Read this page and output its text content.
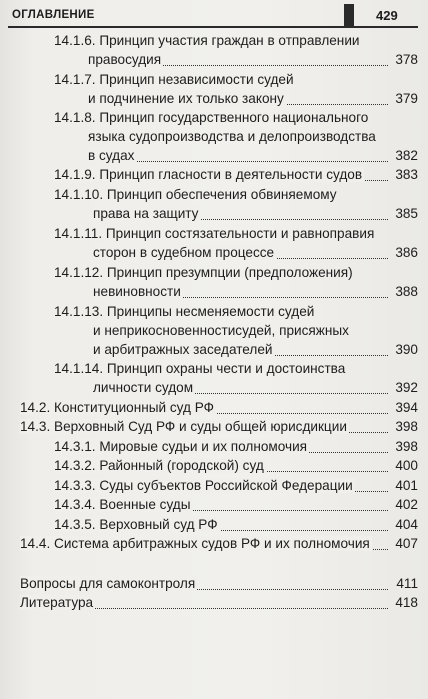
ОГЛАВЛЕНИЕ	429
14.1.6. Принцип участия граждан в отправлении
правосудия	378
14.1.7. Принцип независимости судей
и подчинение их только закону	379
14.1.8. Принцип государственного национального
языка судопроизводства и делопроизводства
в судах	382
14.1.9. Принцип гласности в деятельности судов 383
14.1.10. Принцип обеспечения обвиняемому
права на защиту	385
14.1.11. Принцип состязательности и равноправия
сторон в судебном процессе	386
14.1.12. Принцип презумпции (предположения)
невиновности	388
14.1.13. Принципы несменяемости судей
и неприкосновенностисудей, присяжных
и арбитражных заседателей	390
14.1.14. Принцип охраны чести и достоинства
личности судом	392
14.2. Конституционный суд РФ	394
14.3. Верховный Суд РФ и суды общей юрисдикции	398
14.3.1. Мировые судьи и их полномочия	398
14.3.2. Районный (городской) суд	400
14.3.3. Суды субъектов Российской Федерации	401
14.3.4. Военные суды	402
14.3.5. Верховный суд РФ	404
14.4. Система арбитражных судов РФ и их полномочия 407
Вопросы для самоконтроля	411
Литература	418
